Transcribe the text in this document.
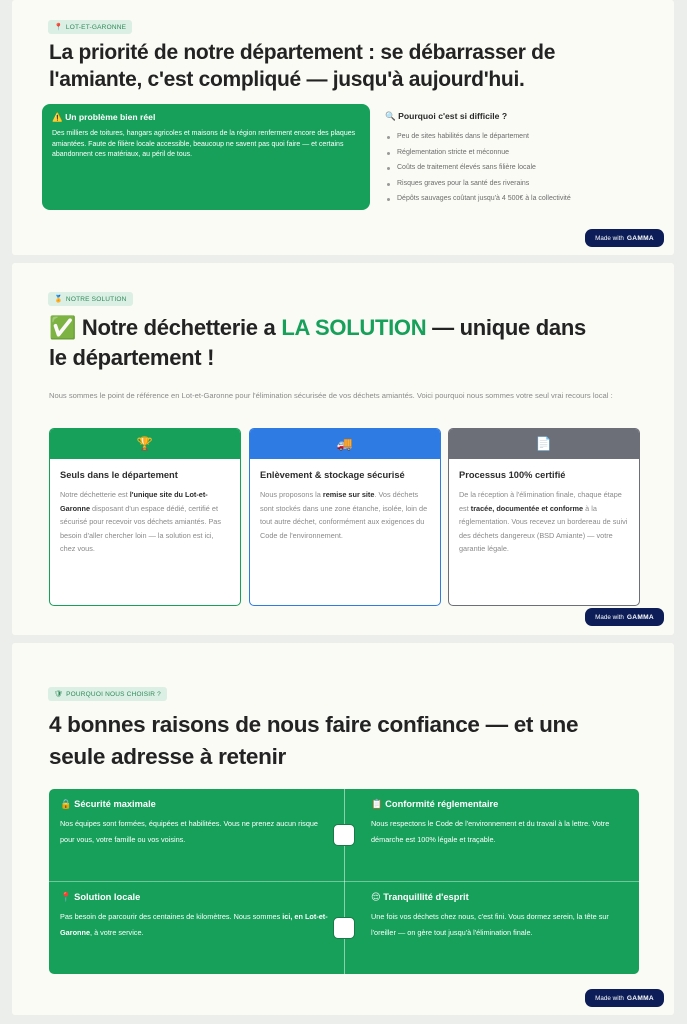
📍 LOT-ET-GARONNE
La priorité de notre département : se débarrasser de
l'amiante, c'est compliqué — jusqu'à aujourd'hui.
⚠️ Un problème bien réel
Des milliers de toitures, hangars agricoles et maisons de la région renferment encore des plaques amiantées. Faute de filière locale accessible, beaucoup ne savent pas quoi faire — et certains abandonnent ces matériaux, au péril de tous.
🔍 Pourquoi c'est si difficile ?
Peu de sites habilités dans le département
Réglementation stricte et méconnue
Coûts de traitement élevés sans filière locale
Risques graves pour la santé des riverains
Dépôts sauvages coûtant jusqu'à 4 500€ à la collectivité
Made with GAMMA
🏅 NOTRE SOLUTION
✅ Notre déchetterie a LA SOLUTION — unique dans
le département !

Nous sommes le point de référence en Lot-et-Garonne pour l'élimination sécurisée de vos déchets amiantés. Voici pourquoi nous sommes votre seul vrai recours local :

🏆
Seuls dans le département
Notre déchetterie est l'unique site du Lot-et-Garonne disposant d'un espace dédié, certifié et sécurisé pour recevoir vos déchets amiantés. Pas besoin d'aller chercher loin — la solution est ici, chez vous.
🚚
Enlèvement & stockage sécurisé
Nous proposons la remise sur site. Vos déchets sont stockés dans une zone étanche, isolée, loin de tout autre déchet, conformément aux exigences du Code de l'environnement.
📄
Processus 100% certifié
De la réception à l'élimination finale, chaque étape est tracée, documentée et conforme à la réglementation. Vous recevez un bordereau de suivi des déchets dangereux (BSD Amiante) — votre garantie légale.
Made with GAMMA
🛡 POURQUOI NOUS CHOISIR ?
4 bonnes raisons de nous faire confiance — et une
seule adresse à retenir
🔒 Sécurité maximale
Nos équipes sont formées, équipées et habilitées. Vous ne prenez aucun risque pour vous, votre famille ou vos voisins.
📋 Conformité réglementaire
Nous respectons le Code de l'environnement et du travail à la lettre. Votre démarche est 100% légale et traçable.
📍 Solution locale
Pas besoin de parcourir des centaines de kilomètres. Nous sommes ici, en Lot-et-Garonne, à votre service.
😌 Tranquillité d'esprit
Une fois vos déchets chez nous, c'est fini. Vous dormez serein, la tête sur l'oreiller — on gère tout jusqu'à l'élimination finale.
Made with GAMMA
